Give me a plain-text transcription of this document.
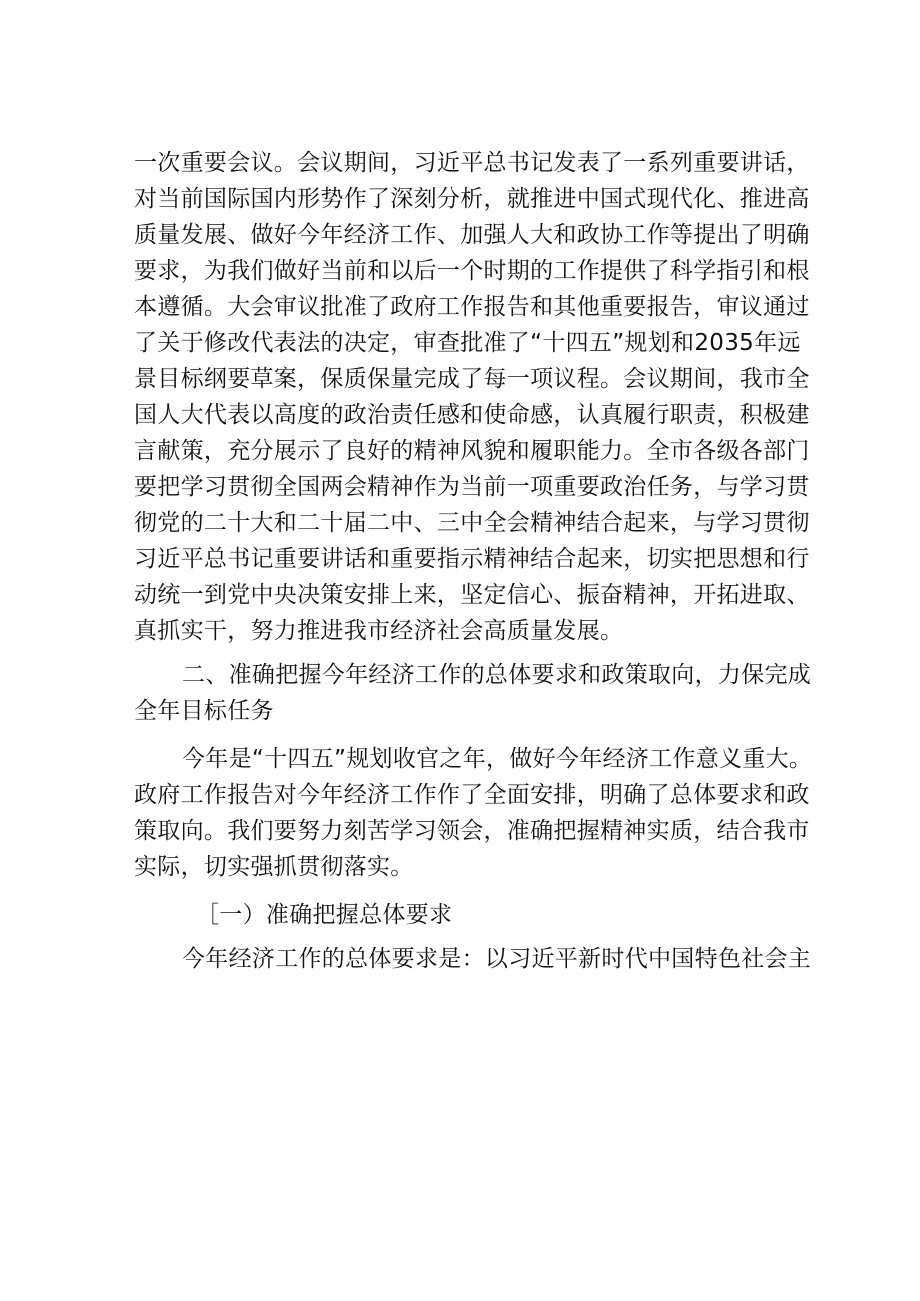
一次重要会议。会议期间，习近平总书记发表了一系列重要讲话，
对当前国际国内形势作了深刻分析，就推进中国式现代化、推进高
质量发展、做好今年经济工作、加强人大和政协工作等提出了明确
要求，为我们做好当前和以后一个时期的工作提供了科学指引和根
本遵循。大会审议批准了政府工作报告和其他重要报告，审议通过
了关于修改代表法的决定，审查批准了“十四五”规划和2035年远
景目标纲要草案，保质保量完成了每一项议程。会议期间，我市全
国人大代表以高度的政治责任感和使命感，认真履行职责，积极建
言献策，充分展示了良好的精神风貌和履职能力。全市各级各部门
要把学习贯彻全国两会精神作为当前一项重要政治任务，与学习贯
彻党的二十大和二十届二中、三中全会精神结合起来，与学习贯彻
习近平总书记重要讲话和重要指示精神结合起来，切实把思想和行
动统一到党中央决策安排上来，坚定信心、振奋精神，开拓进取、
真抓实干，努力推进我市经济社会高质量发展。
二、准确把握今年经济工作的总体要求和政策取向，力保完成
全年目标任务
今年是“十四五”规划收官之年，做好今年经济工作意义重大。
政府工作报告对今年经济工作作了全面安排，明确了总体要求和政
策取向。我们要努力刻苦学习领会，准确把握精神实质，结合我市
实际，切实强抓贯彻落实。
［一）准确把握总体要求
今年经济工作的总体要求是：以习近平新时代中国特色社会主
